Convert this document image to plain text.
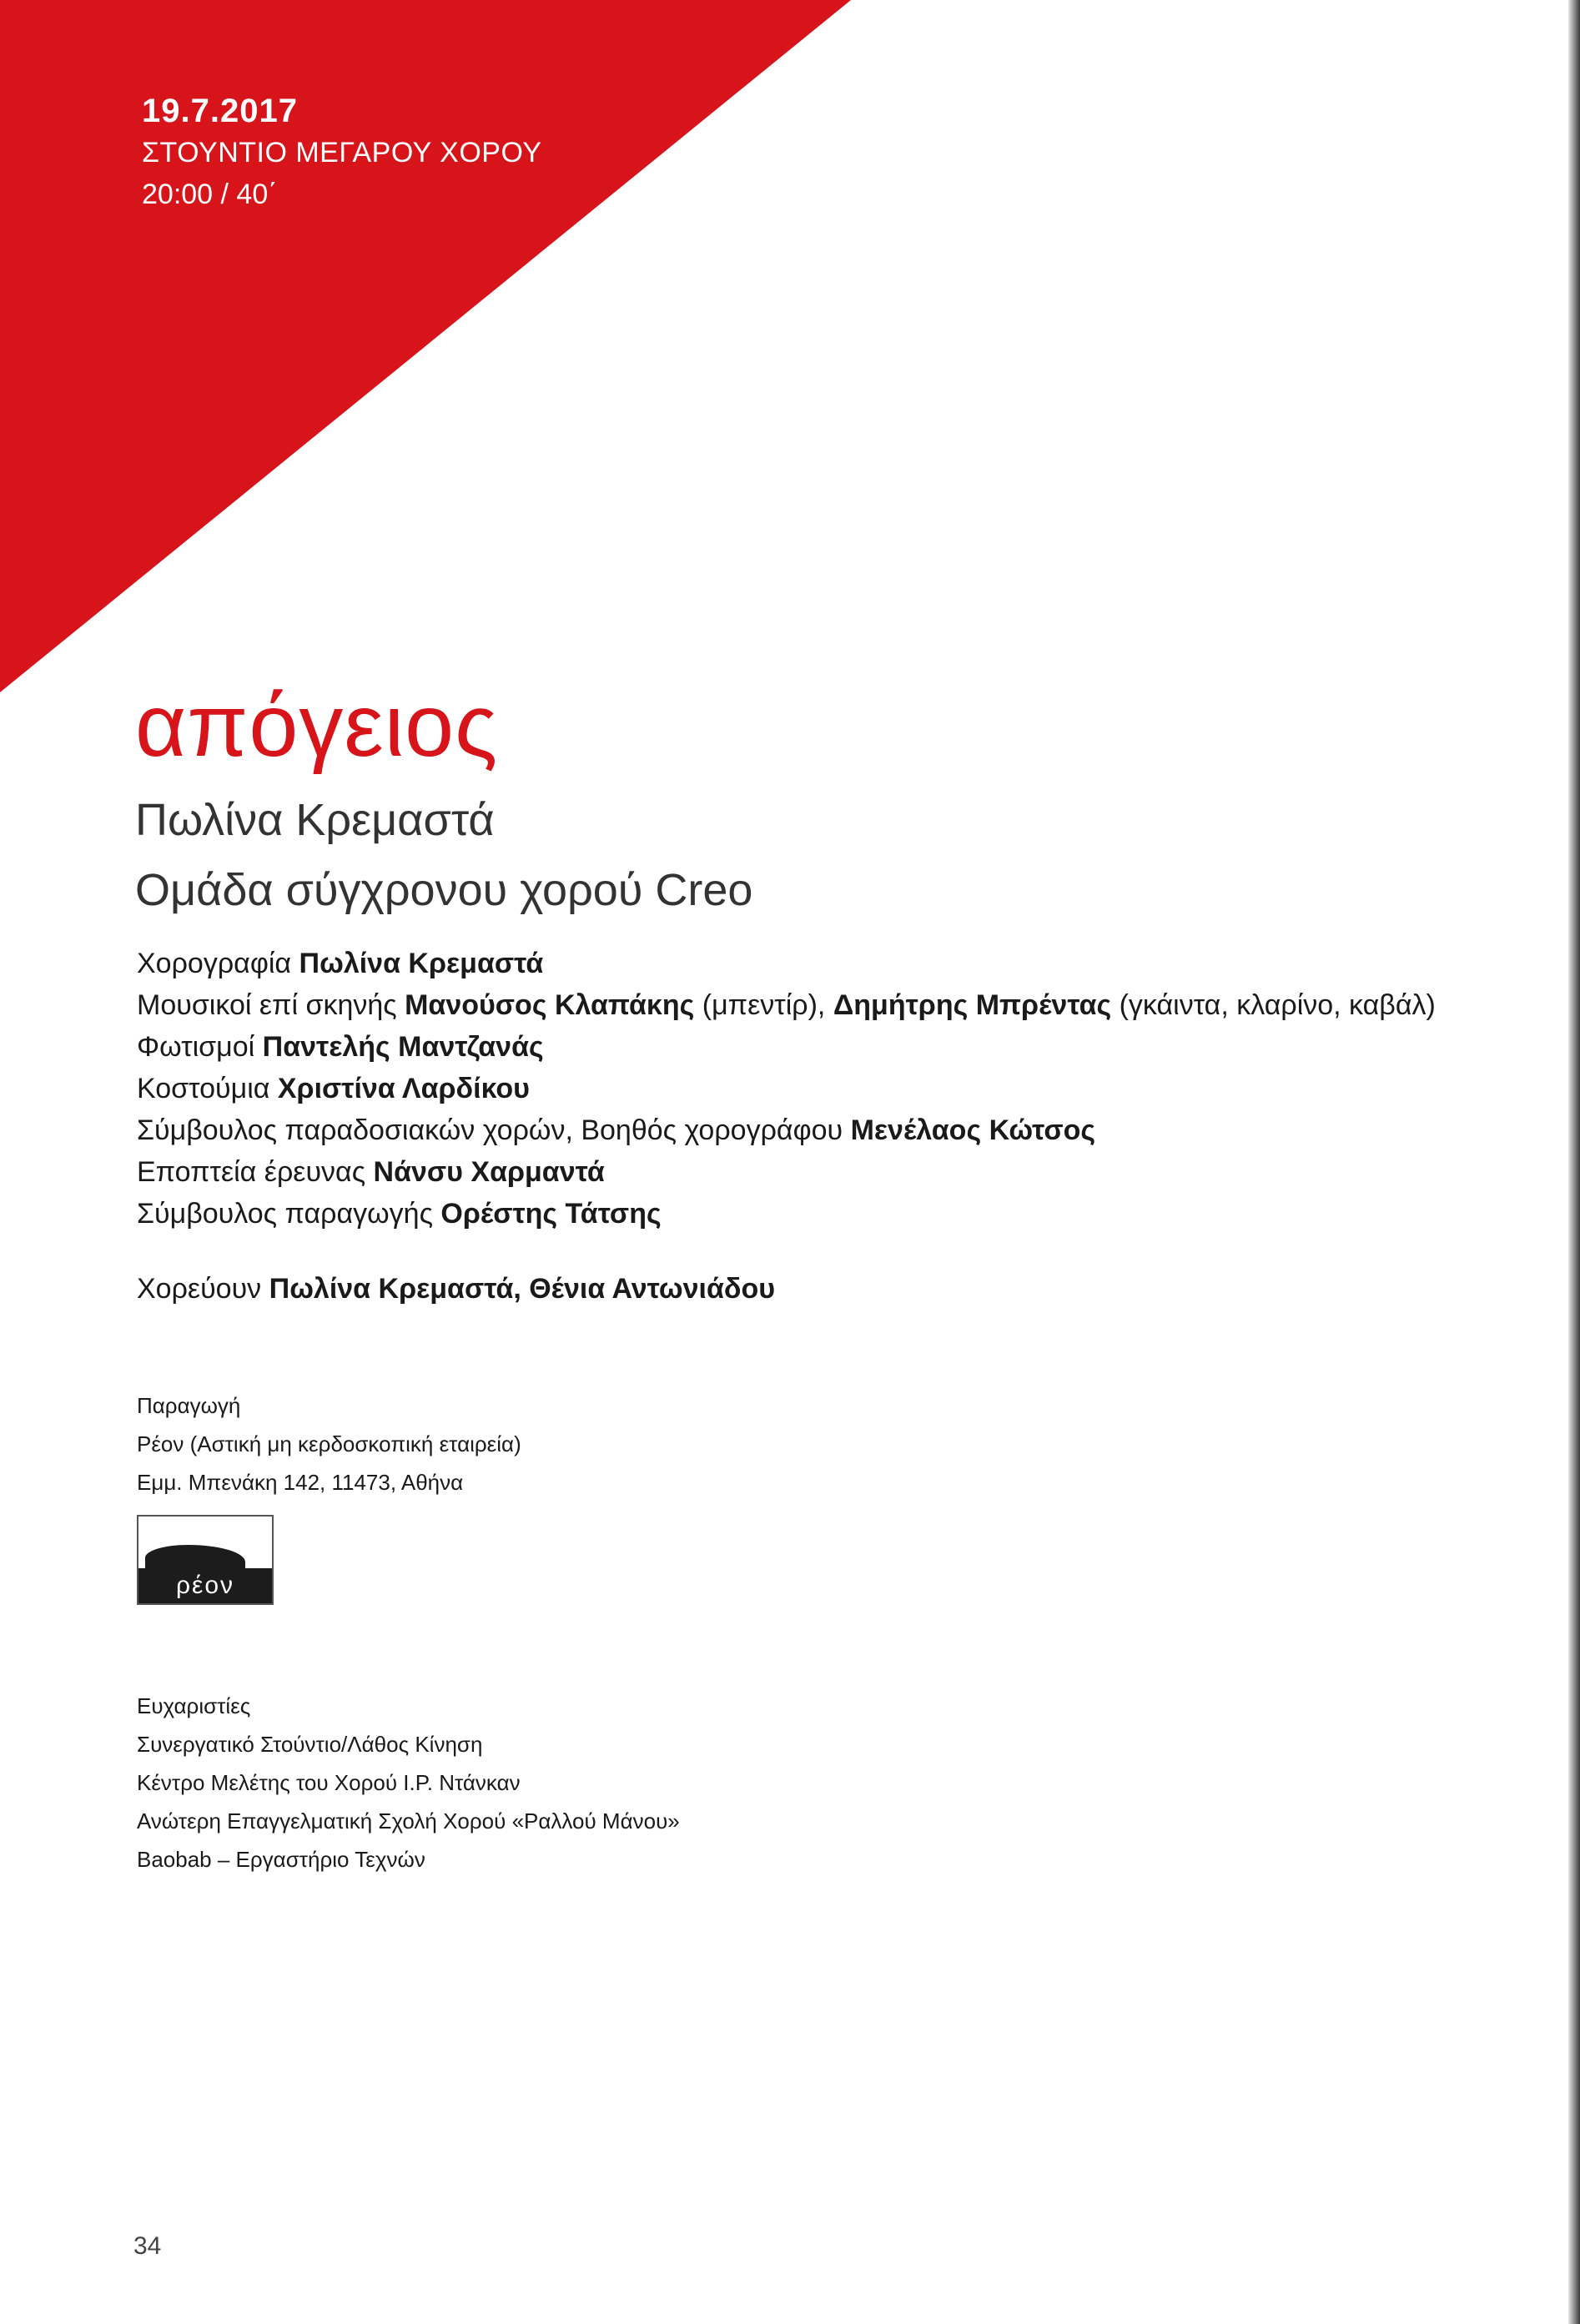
19.7.2017
ΣΤΟΥΝΤΙΟ ΜΕΓΑΡΟΥ ΧΟΡΟΥ
20:00 / 40΄
απόγειος
Πωλίνα Κρεμαστά
Ομάδα σύγχρονου χορού Creo
Χορογραφία Πωλίνα Κρεμαστά
Μουσικοί επί σκηνής Μανούσος Κλαπάκης (μπεντίρ), Δημήτρης Μπρέντας (γκάιντα, κλαρίνο, καβάλ)
Φωτισμοί Παντελής Μαντζανάς
Κοστούμια Χριστίνα Λαρδίκου
Σύμβουλος παραδοσιακών χορών, Βοηθός χορογράφου Μενέλαος Κώτσος
Εποπτεία έρευνας Νάνσυ Χαρμαντά
Σύμβουλος παραγωγής Ορέστης Τάτσης
Χορεύουν Πωλίνα Κρεμαστά, Θένια Αντωνιάδου
Παραγωγή
Ρέον (Αστική μη κερδοσκοπική εταιρεία)
Εμμ. Μπενάκη 142, 11473, Αθήνα
ρέον
Ευχαριστίες
Συνεργατικό Στούντιο/Λάθος Κίνηση
Κέντρο Μελέτης του Χορού Ι.Ρ. Ντάνκαν
Ανώτερη Επαγγελματική Σχολή Χορού «Ραλλού Μάνου»
Baobab – Εργαστήριο Τεχνών
34
